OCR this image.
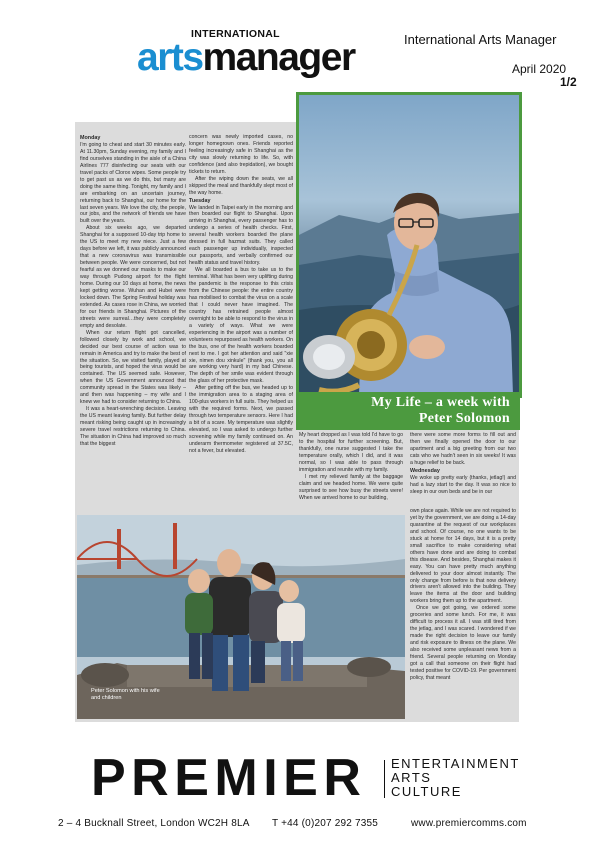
INTERNATIONAL
artsmanager	International Arts Manager
April 2020
1/2
Monday

I'm going to cheat and start 30 minutes early. At 11.30pm, Sunday evening, my family and I find ourselves standing in the aisle of a China Airlines 777 disinfecting our seats with our travel packs of Clorox wipes. Some people try to get past us as we do this, but many are doing the same thing. Tonight, my family and I are embarking on an uncertain journey, returning back to Shanghai, our home for the last seven years. We love the city, the people, our jobs, and the network of friends we have built over the years.

About six weeks ago, we departed Shanghai for a supposed 10-day trip home to the US to meet my new niece. Just a few days before we left, it was publicly announced that a new coronavirus was transmissible between people. We were concerned, but not fearful as we donned our masks to make our way through Pudong airport for the flight home. During our 10 days at home, the news kept getting worse. Wuhan and Hubei were locked down. The Spring Festival holiday was extended. As cases rose in China, we worried for our friends in Shanghai. Pictures of the streets were surreal…they were completely empty and desolate.

When our return flight got cancelled, followed closely by work and school, we decided our best course of action was to remain in America and try to make the best of the situation. So, we visited family, played at being tourists, and hoped the virus would be contained. The US seemed safe. However, when the US Government announced that community spread in the States was likely – and then was happening – my wife and I knew we had to consider returning to China.

It was a heart-wrenching decision. Leaving the US meant leaving family. But further delay meant risking being caught up in increasingly severe travel restrictions returning to China. The situation in China had improved so much that the biggest

concern was newly imported cases, no longer homegrown ones. Friends reported feeling increasingly safe in Shanghai as the city was slowly returning to life. So, with confidence (and also trepidation), we bought tickets to return.

After the wiping down the seats, we all skipped the meal and thankfully slept most of the way home.

Tuesday

We landed in Taipei early in the morning and then boarded our flight to Shanghai. Upon arriving in Shanghai, every passenger has to undergo a series of health checks. First, several health workers boarded the plane dressed in full hazmat suits. They called each passenger up individually, inspected our passports, and verbally confirmed our health status and travel history.

We all boarded a bus to take us to the terminal. What has been very uplifting during the pandemic is the response to this crisis from the Chinese people: the entire country has mobilised to combat the virus on a scale that I could never have imagined. The country has retrained people almost overnight to be able to respond to the virus in a variety of ways. What we were experiencing in the airport was a number of volunteers repurposed as health workers. On the bus, one of the health workers boarded next to me. I got her attention and said "xie xie, nimen dou xinkule" (thank you, you all are working very hard) in my bad Chinese. The depth of her smile was evident through the glass of her protective mask.

After getting off the bus, we headed up to the immigration area to a staging area of 100-plus workers in full suits. They helped us with the required forms. Next, we passed through two temperature sensors. Here I had a bit of a scare. My temperature was slightly elevated, so I was asked to undergo further screening while my family continued on. An underarm thermometer registered at 37.5C, not a fever, but elevated.

My Life – a week with
Peter Solomon

My heart dropped as I was told I'd have to go to the hospital for further screening. But, thankfully, one nurse suggested I take the temperature orally, which I did, and it was normal, so I was able to pass through immigration and reunite with my family.

I met my relieved family at the baggage claim and we headed home. We were quite surprised to see how busy the streets were! When we arrived home to our building,

there were some more forms to fill out and then we finally opened the door to our apartment and a big greeting from our two cats who we hadn't seen in six weeks! It was a huge relief to be back.

Wednesday

We woke up pretty early (thanks, jetlag!) and had a lazy start to the day. It was so nice to sleep in our own beds and be in our

own place again. While we are not required to yet by the government, we are doing a 14-day quarantine at the request of our workplaces and school. Of course, no one wants to be stuck at home for 14 days, but it is a pretty small sacrifice to make considering what others have done and are doing to combat this disease. And besides, Shanghai makes it easy. You can have pretty much anything delivered to your door almost instantly. The only change from before is that now delivery drivers aren't allowed into the building. They leave the items at the door and building workers bring them up to the apartment.

Once we got going, we ordered some groceries and some lunch. For me, it was difficult to process it all. I was still tired from the jetlag, and I was scared. I wondered if we made the right decision to leave our family and risk exposure to illness on the plane. We also received some unpleasant news from a friend. Several people returning on Monday got a call that someone on their flight had tested positive for COVID-19. Per government policy, that meant

Peter Solomon with his wife and children
PREMIER ENTERTAINMENT
ARTS
CULTURE
2 – 4 Bucknall Street, London WC2H 8LA T +44 (0)207 292 7355	www.premiercomms.com
